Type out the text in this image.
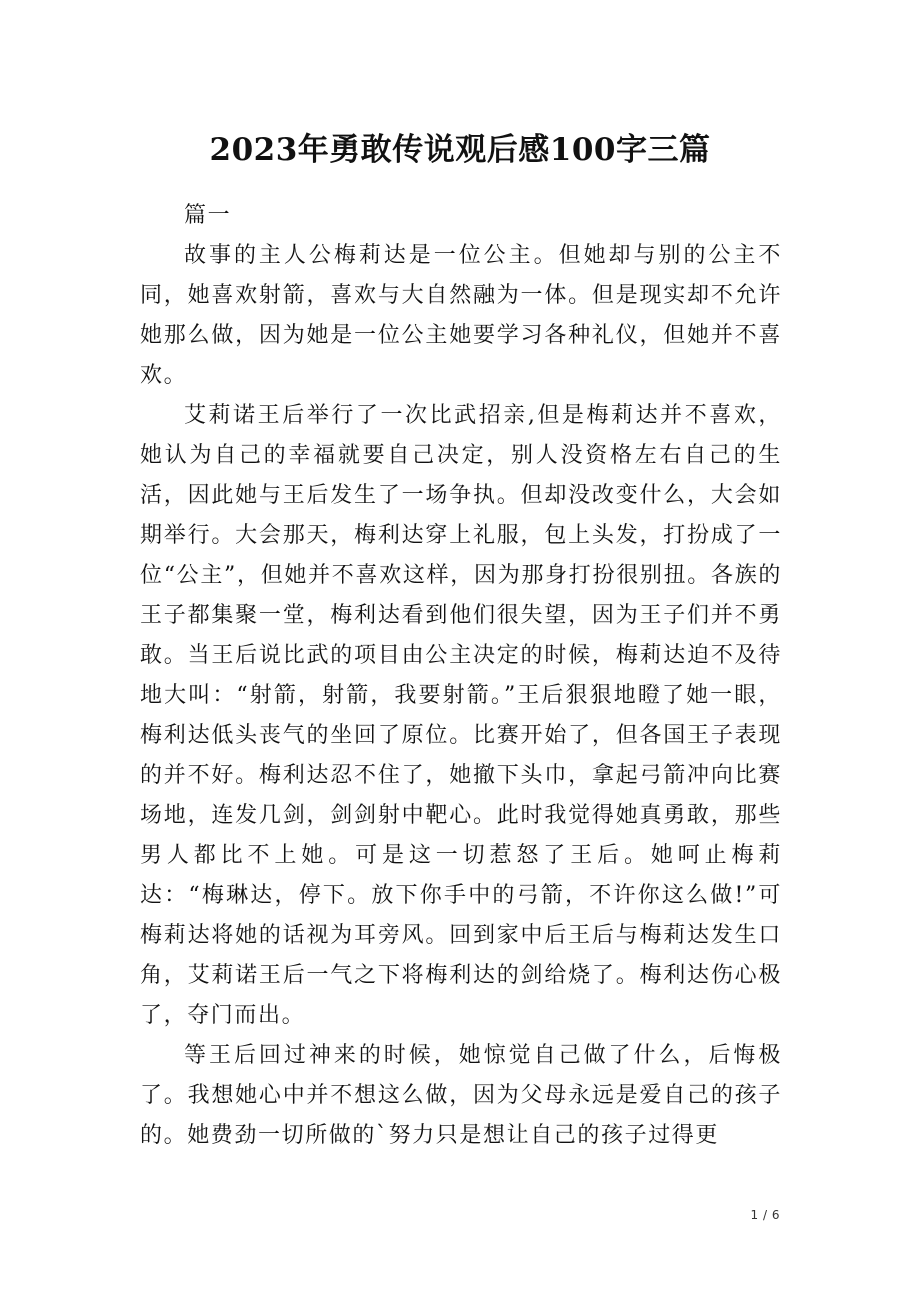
2023年勇敢传说观后感100字三篇

篇一

故事的主人公梅莉达是一位公主。但她却与别的公主不同，她喜欢射箭，喜欢与大自然融为一体。但是现实却不允许她那么做，因为她是一位公主她要学习各种礼仪，但她并不喜欢。

艾莉诺王后举行了一次比武招亲,但是梅莉达并不喜欢，她认为自己的幸福就要自己决定，别人没资格左右自己的生活，因此她与王后发生了一场争执。但却没改变什么，大会如期举行。大会那天，梅利达穿上礼服，包上头发，打扮成了一位“公主”，但她并不喜欢这样，因为那身打扮很别扭。各族的王子都集聚一堂，梅利达看到他们很失望，因为王子们并不勇敢。当王后说比武的项目由公主决定的时候，梅莉达迫不及待地大叫：“射箭，射箭，我要射箭。”王后狠狠地瞪了她一眼，梅利达低头丧气的坐回了原位。比赛开始了，但各国王子表现的并不好。梅利达忍不住了，她撤下头巾，拿起弓箭冲向比赛场地，连发几剑，剑剑射中靶心。此时我觉得她真勇敢，那些男人都比不上她。可是这一切惹怒了王后。她呵止梅莉达：“梅琳达，停下。放下你手中的弓箭，不许你这么做!”可梅莉达将她的话视为耳旁风。回到家中后王后与梅莉达发生口角，艾莉诺王后一气之下将梅利达的剑给烧了。梅利达伤心极了，夺门而出。

等王后回过神来的时候，她惊觉自己做了什么，后悔极了。我想她心中并不想这么做，因为父母永远是爱自己的孩子的。她费劲一切所做的`努力只是想让自己的孩子过得更

1 / 6
